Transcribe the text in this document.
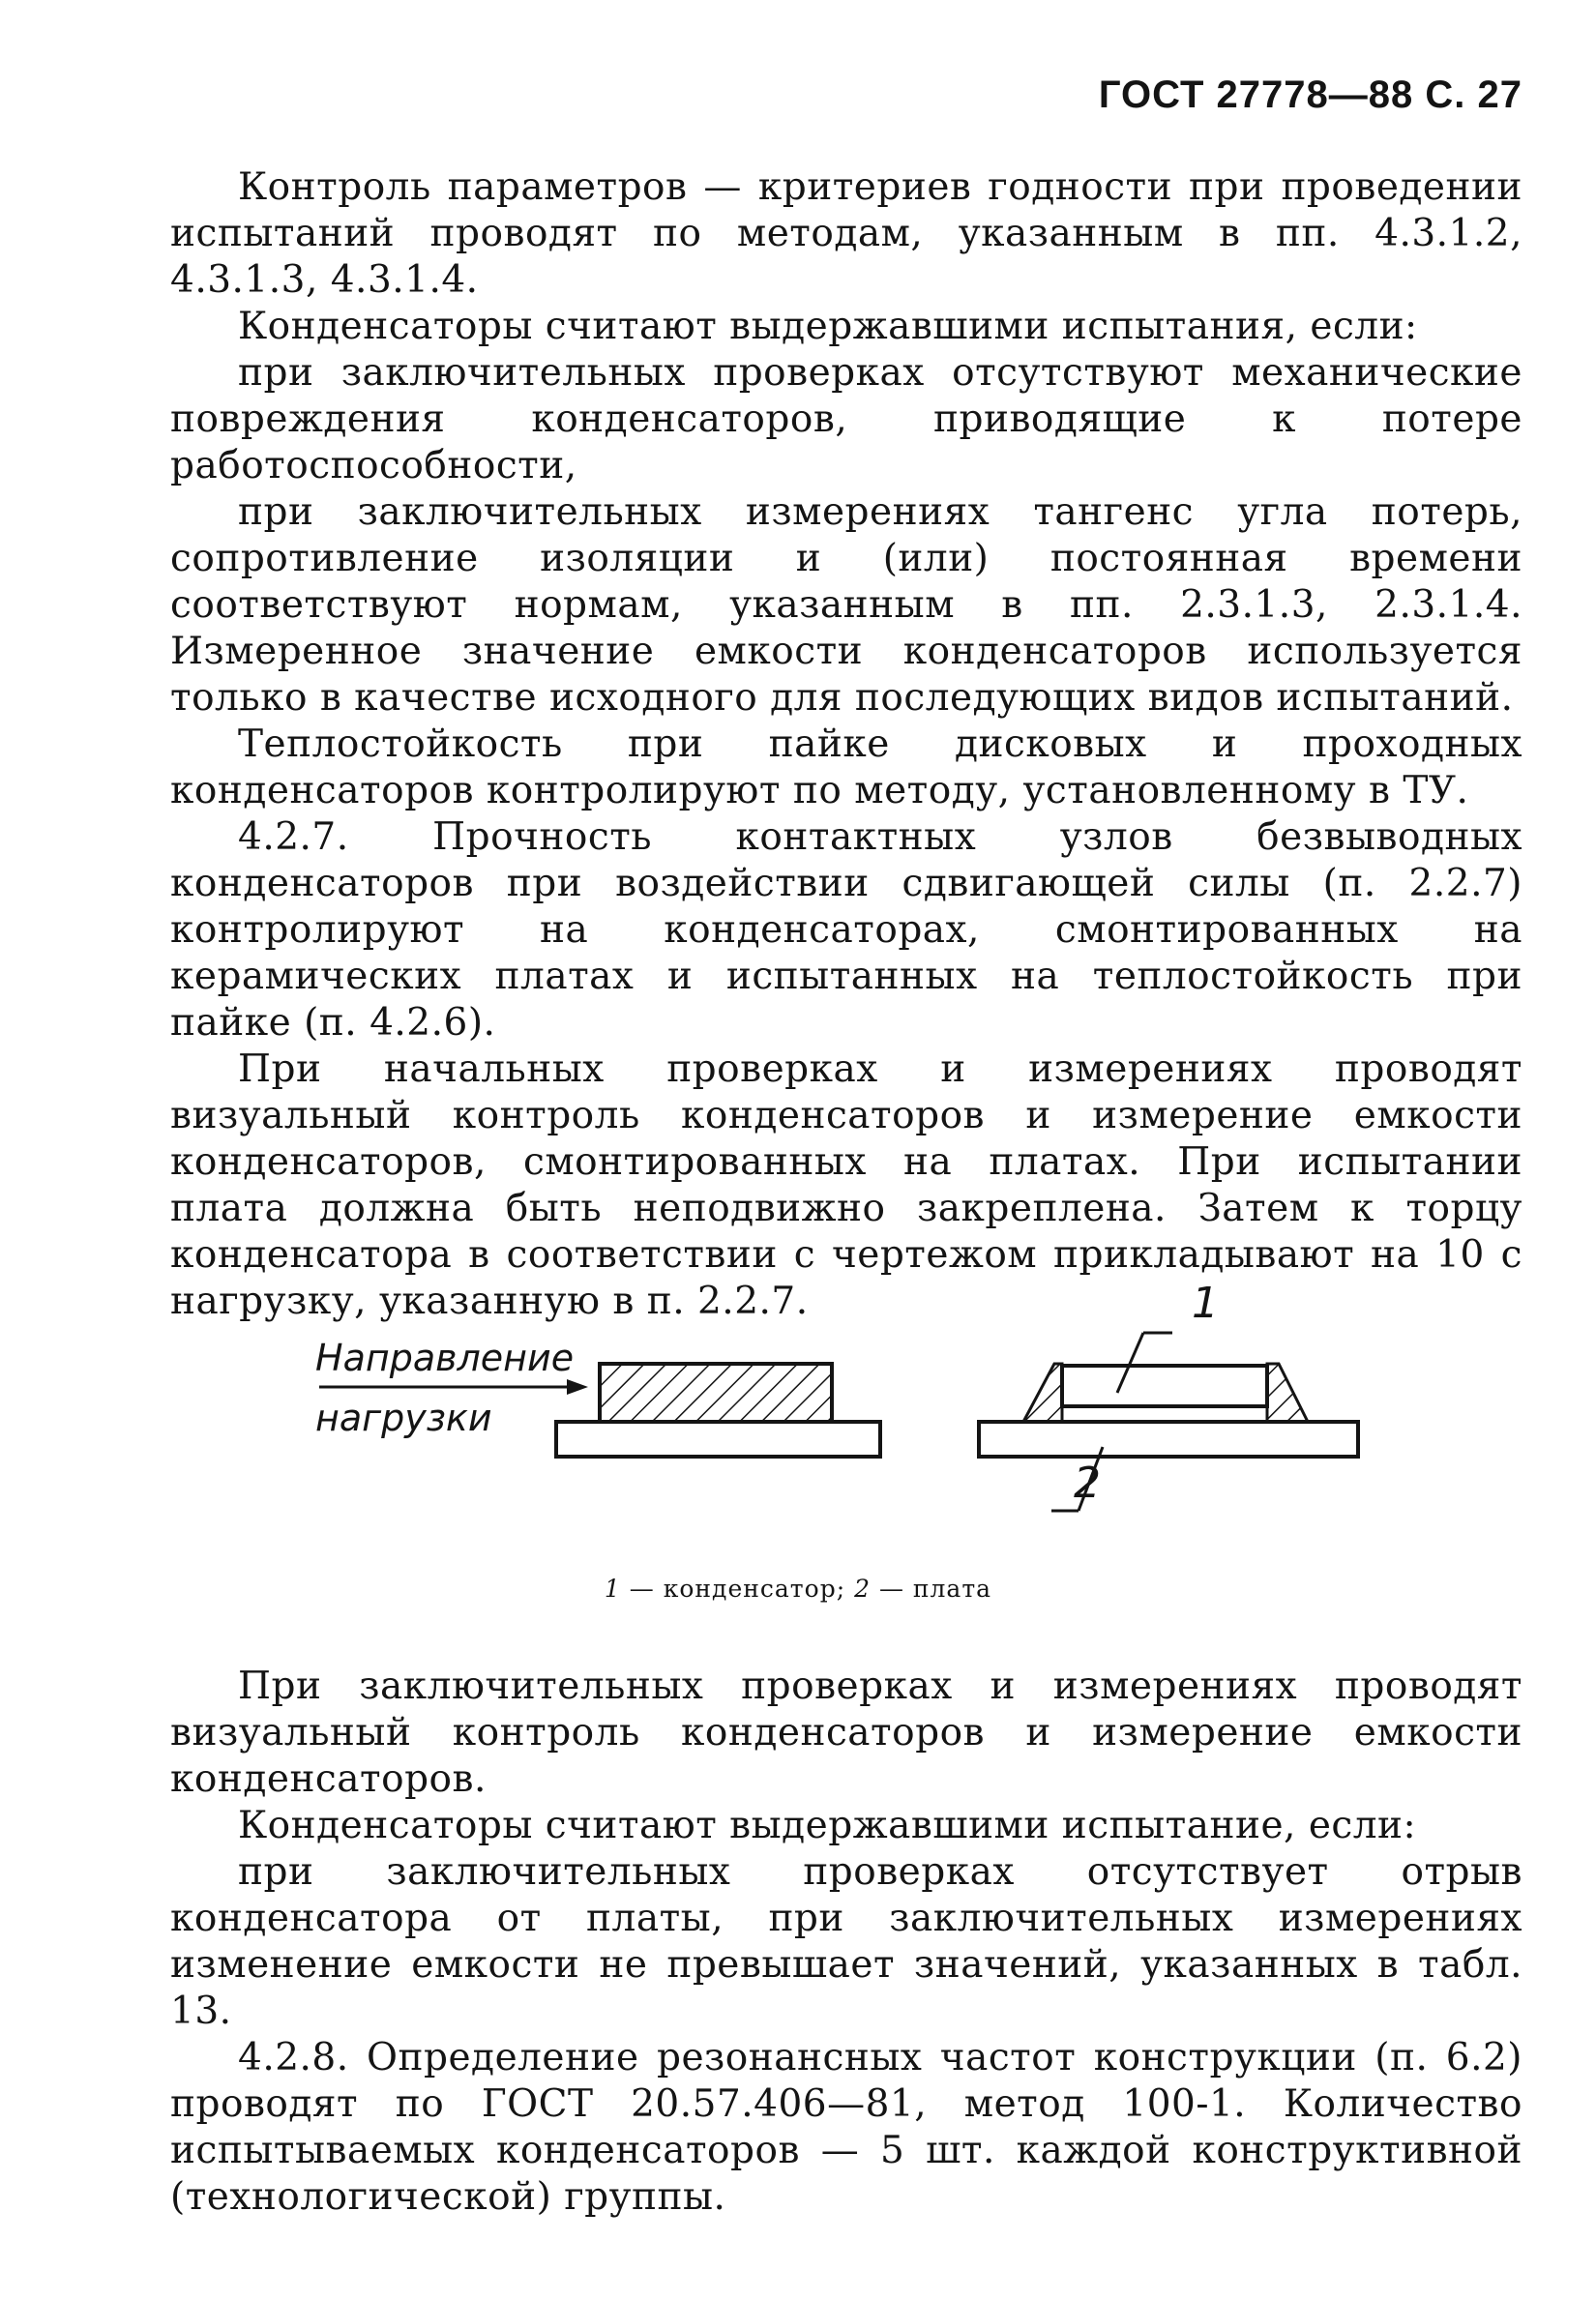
ГОСТ 27778—88 С. 27

Контроль параметров — критериев годности при проведении испытаний проводят по методам, указанным в пп. 4.3.1.2, 4.3.1.3, 4.3.1.4.

Конденсаторы считают выдержавшими испытания, если:

при заключительных проверках отсутствуют механические повреждения конденсаторов, приводящие к потере работоспособности,

при заключительных измерениях тангенс угла потерь, сопротивление изоляции и (или) постоянная времени соответствуют нормам, указанным в пп. 2.3.1.3, 2.3.1.4. Измеренное значение емкости конденсаторов используется только в качестве исходного для последующих видов испытаний.

Теплостойкость при пайке дисковых и проходных конденсаторов контролируют по методу, установленному в ТУ.

4.2.7. Прочность контактных узлов безвыводных конденсаторов при воздействии сдвигающей силы (п. 2.2.7) контролируют на конденсаторах, смонтированных на керамических платах и испытанных на теплостойкость при пайке (п. 4.2.6).

При начальных проверках и измерениях проводят визуальный контроль конденсаторов и измерение емкости конденсаторов, смонтированных на платах. При испытании плата должна быть неподвижно закреплена. Затем к торцу конденсатора в соответствии с чертежом прикладывают на 10 с нагрузку, указанную в п. 2.2.7.

Направление
нагрузки
1
2
1 — конденсатор; 2 — плата

При заключительных проверках и измерениях проводят визуальный контроль конденсаторов и измерение емкости конденсаторов.

Конденсаторы считают выдержавшими испытание, если:

при заключительных проверках отсутствует отрыв конденсатора от платы, при заключительных измерениях изменение емкости не превышает значений, указанных в табл. 13.

4.2.8. Определение резонансных частот конструкции (п. 6.2) проводят по ГОСТ 20.57.406—81, метод 100-1. Количество испытываемых конденсаторов — 5 шт. каждой конструктивной (технологической) группы.
